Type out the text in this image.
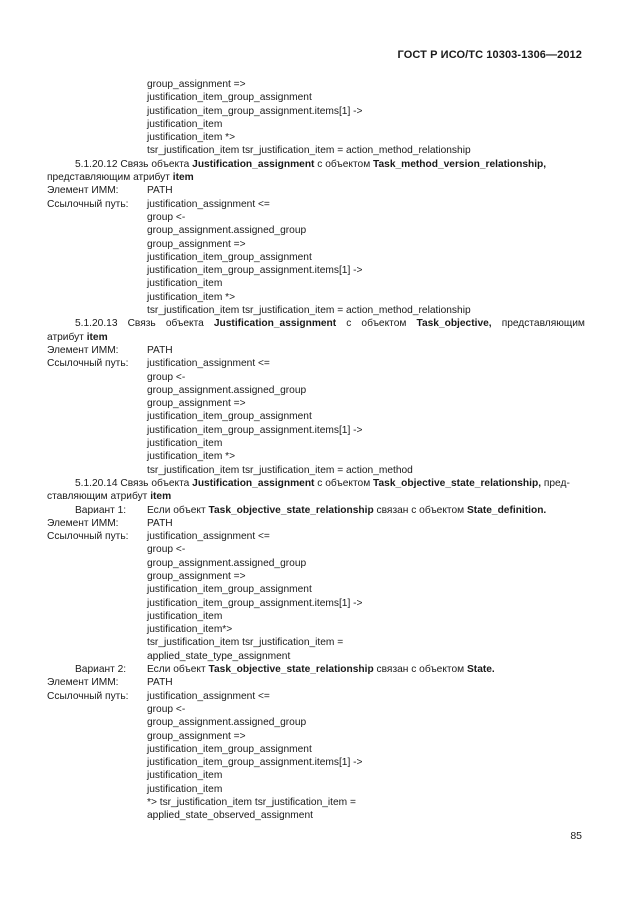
ГОСТ Р ИСО/ТС 10303-1306—2012
group_assignment =>
justification_item_group_assignment
justification_item_group_assignment.items[1] ->
justification_item
justification_item *>
tsr_justification_item tsr_justification_item = action_method_relationship
5.1.20.12 Связь объекта Justification_assignment с объектом Task_method_version_relationship,
представляющим атрибут item
Элемент ИММ:	PATH
Ссылочный путь: justification_assignment <=
group <-
group_assignment.assigned_group
group_assignment =>
justification_item_group_assignment
justification_item_group_assignment.items[1] ->
justification_item
justification_item *>
tsr_justification_item tsr_justification_item = action_method_relationship
5.1.20.13 Связь объекта Justification_assignment с объектом Task_objective, представляющим
атрибут item
Элемент ИММ:	PATH
Ссылочный путь: justification_assignment <=
group <-
group_assignment.assigned_group
group_assignment =>
justification_item_group_assignment
justification_item_group_assignment.items[1] ->
justification_item
justification_item *>
tsr_justification_item tsr_justification_item = action_method
5.1.20.14 Связь объекта Justification_assignment с объектом Task_objective_state_relationship, пред-
ставляющим атрибут item
Вариант 1: Если объект Task_objective_state_relationship связан с объектом State_definition.
Элемент ИММ:	PATH
Ссылочный путь: justification_assignment <=
group <-
group_assignment.assigned_group
group_assignment =>
justification_item_group_assignment
justification_item_group_assignment.items[1] ->
justification_item
justification_item*>
tsr_justification_item tsr_justification_item =
applied_state_type_assignment
Вариант 2: Если объект Task_objective_state_relationship связан с объектом State.
Элемент ИММ:	PATH
Ссылочный путь: justification_assignment <=
group <-
group_assignment.assigned_group
group_assignment =>
justification_item_group_assignment
justification_item_group_assignment.items[1] ->
justification_item
justification_item
*> tsr_justification_item tsr_justification_item =
applied_state_observed_assignment
85
